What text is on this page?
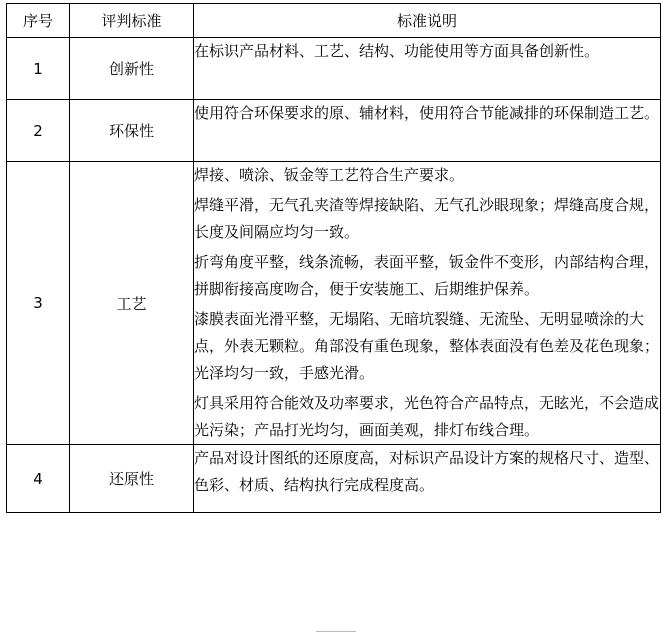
序号	评判标准	标准说明
1	创新性	在标识产品材料、工艺、结构、功能使用等方面具备创新性。

2	环保性	使用符合环保要求的原、辅材料，使用符合节能减排的环保制造工艺。

3	工艺	焊接、喷涂、钣金等工艺符合生产要求。
焊缝平滑，无气孔夹渣等焊接缺陷、无气孔沙眼现象；焊缝高度合规，长度及间隔应均匀一致。
折弯角度平整，线条流畅，表面平整，钣金件不变形，内部结构合理，拼脚衔接高度吻合，便于安装施工、后期维护保养。
漆膜表面光滑平整，无塌陷、无暗坑裂缝、无流坠、无明显喷涂的大点，外表无颗粒。角部没有重色现象，整体表面没有色差及花色现象；光泽均匀一致，手感光滑。
灯具采用符合能效及功率要求，光色符合产品特点，无眩光，不会造成光污染；产品打光均匀，画面美观，排灯布线合理。

4	还原性	产品对设计图纸的还原度高，对标识产品设计方案的规格尺寸、造型、色彩、材质、结构执行完成程度高。
